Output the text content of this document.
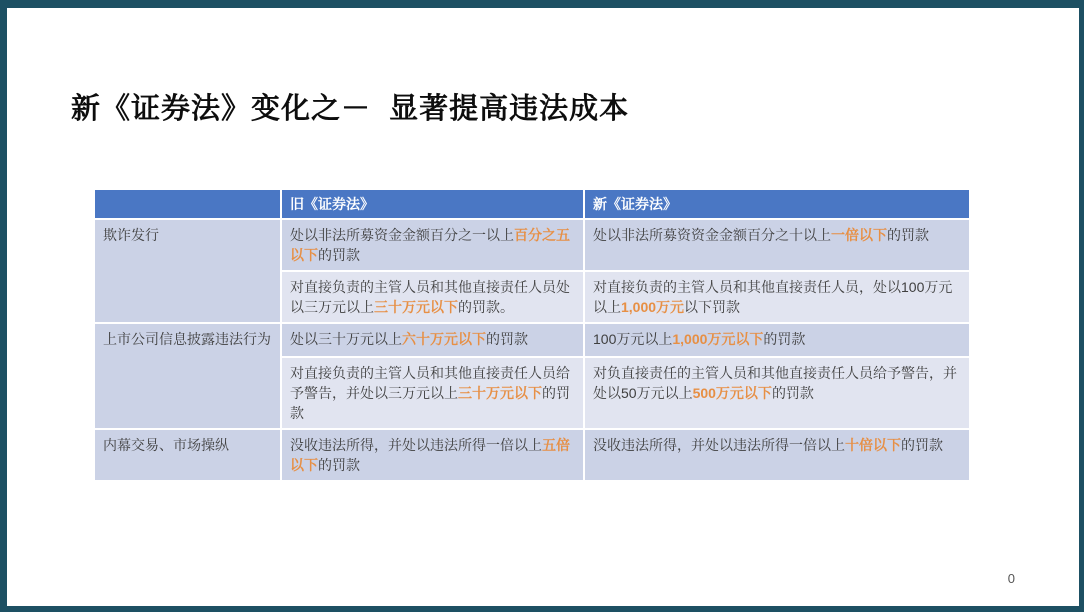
新《证券法》变化之－  显著提高违法成本
	旧《证券法》	新《证券法》
欺诈发行	处以非法所募资金金额百分之一以上百分之五以下的罚款	处以非法所募资资金金额百分之十以上一倍以下的罚款
	对直接负责的主管人员和其他直接责任人员处以三万元以上三十万元以下的罚款。	对直接负责的主管人员和其他直接责任人员，处以100万元以上1,000万元以下罚款
上市公司信息披露违法行为	处以三十万元以上六十万元以下的罚款	100万元以上1,000万元以下的罚款
	对直接负责的主管人员和其他直接责任人员给予警告，并处以三万元以上三十万元以下的罚款	对负直接责任的主管人员和其他直接责任人员给予警告，并处以50万元以上500万元以下的罚款
内幕交易、市场操纵	没收违法所得，并处以违法所得一倍以上五倍以下的罚款	没收违法所得，并处以违法所得一倍以上十倍以下的罚款
0
